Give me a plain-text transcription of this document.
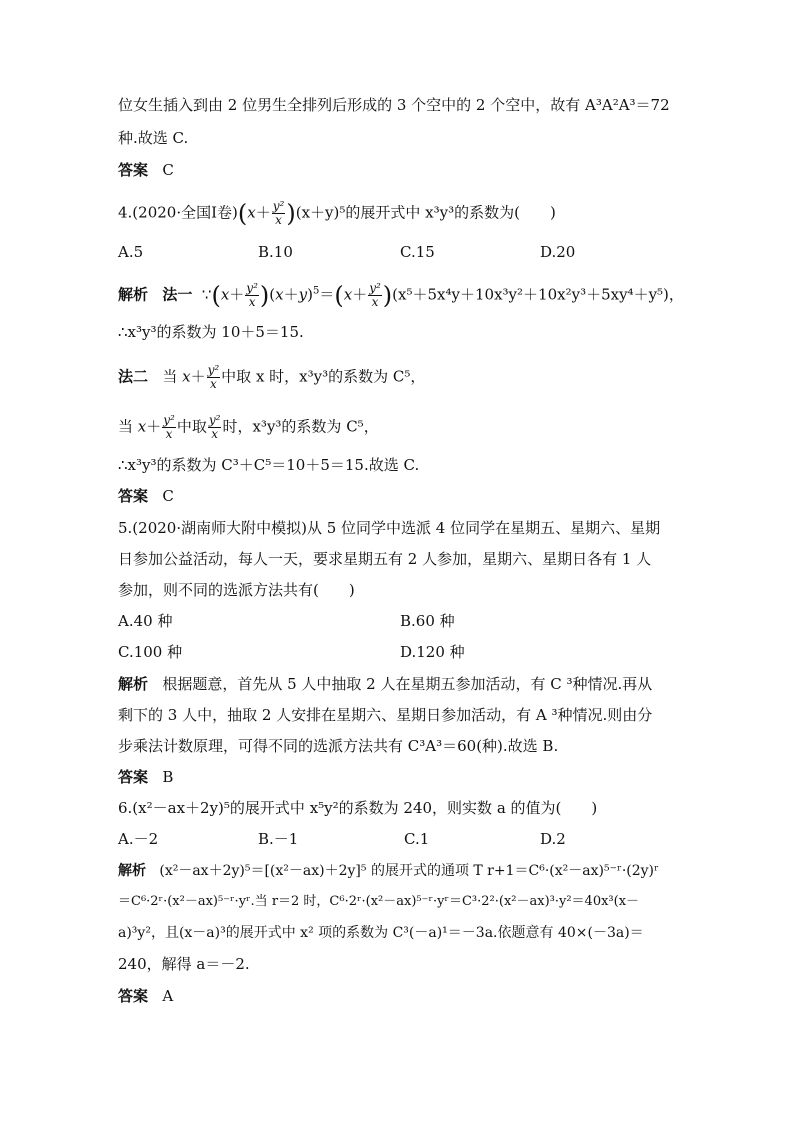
位女生插入到由 2 位男生全排列后形成的 3 个空中的 2 个空中，故有 A³A²A³＝72
种.故选 C.
答案 C
4.(2020·全国Ⅰ卷)$(x+ \frac{\text{y²}}{x} )(x+y)^5$的展开式中 x³y³的系数为(　　)
A.5	B.10	C.15	D.20
解析 法一  ∵(x＋ $\frac{\text{y²}}{x} )(x+y)^5=(x+ \frac{\text{y²}}{x} )(x^5+5x^4y+10x^3y^2+10x^2y^3+5xy^4+y^5)$，
∴x³y³的系数为 10＋5＝15.
法二   当 $x+ \frac{\text{y²}}{x}$ 中取 x 时，x³y³的系数为 C⁵，
当 $x+ \frac{\text{y²}}{x}$ 中取 $\frac{\text{y²}}{x}$ 时，x³y³的系数为 C⁵，
∴x³y³的系数为 C³＋C⁵＝10＋5＝15.故选 C.
答案 C
5.(2020·湖南师大附中模拟)从 5 位同学中选派 4 位同学在星期五、星期六、星期
日参加公益活动，每人一天，要求星期五有 2 人参加，星期六、星期日各有 1 人
参加，则不同的选派方法共有(　　)
A.40 种	B.60 种
C.100 种	D.120 种
解析 根据题意，首先从 5 人中抽取 2 人在星期五参加活动，有 C ³种情况.再从
剩下的 3 人中，抽取 2 人安排在星期六、星期日参加活动，有 A ³种情况.则由分
步乘法计数原理，可得不同的选派方法共有 C³A³＝60(种).故选 B.
答案 B
6.(x²－ax＋2y)⁵的展开式中 x⁵y²的系数为 240，则实数 a 的值为(　　)
A.－2	B.－1	C.1	D.2
解析 (x²－ax＋2y)⁵＝[(x²－ax)＋2y]⁵ 的展开式的通项 T r+1＝C⁶·(x²－ax)⁵⁻ʳ·(2y)ʳ
＝C⁶·2ʳ·(x²－ax)⁵⁻ʳ·yʳ.当 r＝2 时，C⁶·2ʳ·(x²－ax)⁵⁻ʳ·yʳ＝C³·2²·(x²－ax)³·y²＝40x³(x－
a)³y²，且(x－a)³的展开式中 x² 项的系数为 C³(－a)¹＝－3a.依题意有 40×(－3a)＝
240，解得 a＝－2.
答案 A
